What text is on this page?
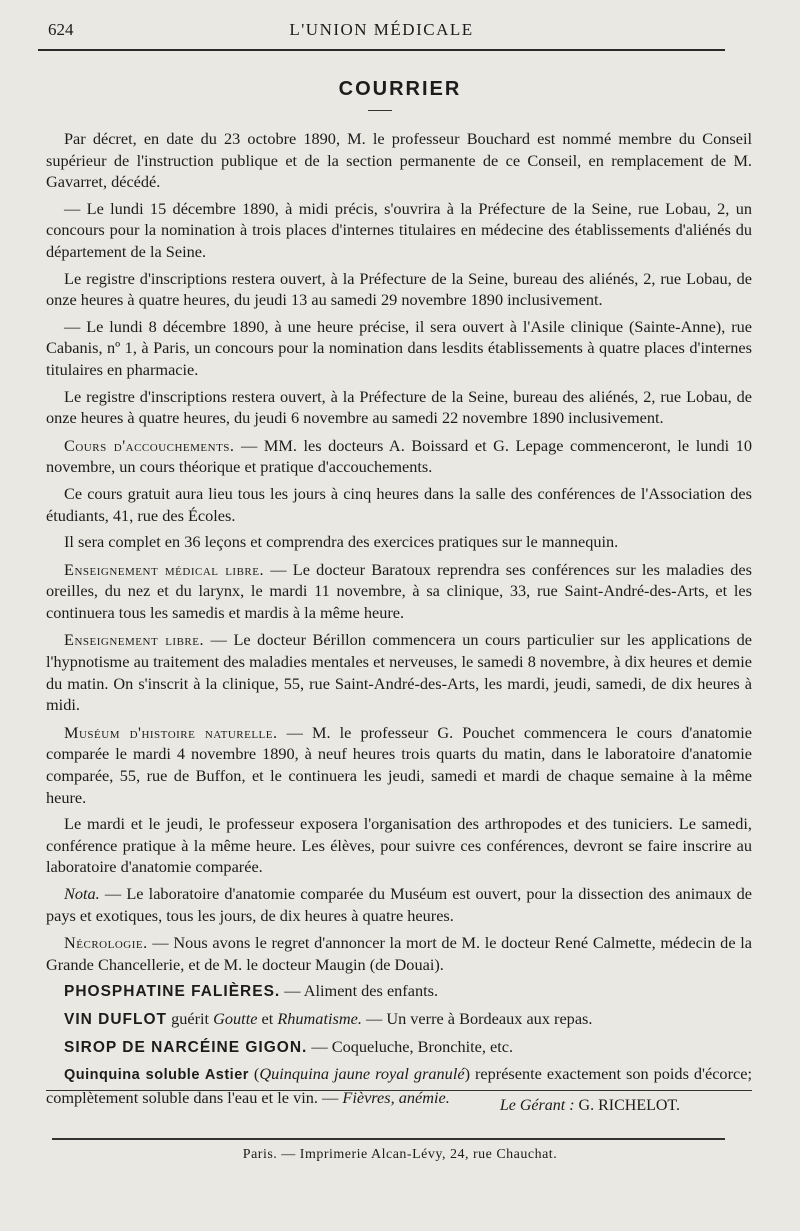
624	L'UNION MÉDICALE
COURRIER

Par décret, en date du 23 octobre 1890, M. le professeur Bouchard est nommé membre du Conseil supérieur de l'instruction publique et de la section permanente de ce Conseil, en remplacement de M. Gavarret, décédé.

— Le lundi 15 décembre 1890, à midi précis, s'ouvrira à la Préfecture de la Seine, rue Lobau, 2, un concours pour la nomination à trois places d'internes titulaires en médecine des établissements d'aliénés du département de la Seine.

Le registre d'inscriptions restera ouvert, à la Préfecture de la Seine, bureau des aliénés, 2, rue Lobau, de onze heures à quatre heures, du jeudi 13 au samedi 29 novembre 1890 inclusivement.

— Le lundi 8 décembre 1890, à une heure précise, il sera ouvert à l'Asile clinique (Sainte-Anne), rue Cabanis, nº 1, à Paris, un concours pour la nomination dans lesdits établissements à quatre places d'internes titulaires en pharmacie.

Le registre d'inscriptions restera ouvert, à la Préfecture de la Seine, bureau des aliénés, 2, rue Lobau, de onze heures à quatre heures, du jeudi 6 novembre au samedi 22 novembre 1890 inclusivement.

Cours d'accouchements. — MM. les docteurs A. Boissard et G. Lepage commenceront, le lundi 10 novembre, un cours théorique et pratique d'accouchements.

Ce cours gratuit aura lieu tous les jours à cinq heures dans la salle des conférences de l'Association des étudiants, 41, rue des Écoles.

Il sera complet en 36 leçons et comprendra des exercices pratiques sur le mannequin.

Enseignement médical libre. — Le docteur Baratoux reprendra ses conférences sur les maladies des oreilles, du nez et du larynx, le mardi 11 novembre, à sa clinique, 33, rue Saint-André-des-Arts, et les continuera tous les samedis et mardis à la même heure.

Enseignement libre. — Le docteur Bérillon commencera un cours particulier sur les applications de l'hypnotisme au traitement des maladies mentales et nerveuses, le samedi 8 novembre, à dix heures et demie du matin. On s'inscrit à la clinique, 55, rue Saint-André-des-Arts, les mardi, jeudi, samedi, de dix heures à midi.

Muséum d'histoire naturelle. — M. le professeur G. Pouchet commencera le cours d'anatomie comparée le mardi 4 novembre 1890, à neuf heures trois quarts du matin, dans le laboratoire d'anatomie comparée, 55, rue de Buffon, et le continuera les jeudi, samedi et mardi de chaque semaine à la même heure.

Le mardi et le jeudi, le professeur exposera l'organisation des arthropodes et des tuniciers. Le samedi, conférence pratique à la même heure. Les élèves, pour suivre ces conférences, devront se faire inscrire au laboratoire d'anatomie comparée.

Nota. — Le laboratoire d'anatomie comparée du Muséum est ouvert, pour la dissection des animaux de pays et exotiques, tous les jours, de dix heures à quatre heures.

Nécrologie. — Nous avons le regret d'annoncer la mort de M. le docteur René Calmette, médecin de la Grande Chancellerie, et de M. le docteur Maugin (de Douai).

PHOSPHATINE FALIÈRES. — Aliment des enfants.

VIN DUFLOT guérit Goutte et Rhumatisme. — Un verre à Bordeaux aux repas.

SIROP DE NARCÉINE GIGON. — Coqueluche, Bronchite, etc.

Quinquina soluble Astier (Quinquina jaune royal granulé) représente exactement son poids d'écorce; complètement soluble dans l'eau et le vin. — Fièvres, anémie.	Le Gérant : G. RICHELOT.
Paris. — Imprimerie Alcan-Lévy, 24, rue Chauchat.
